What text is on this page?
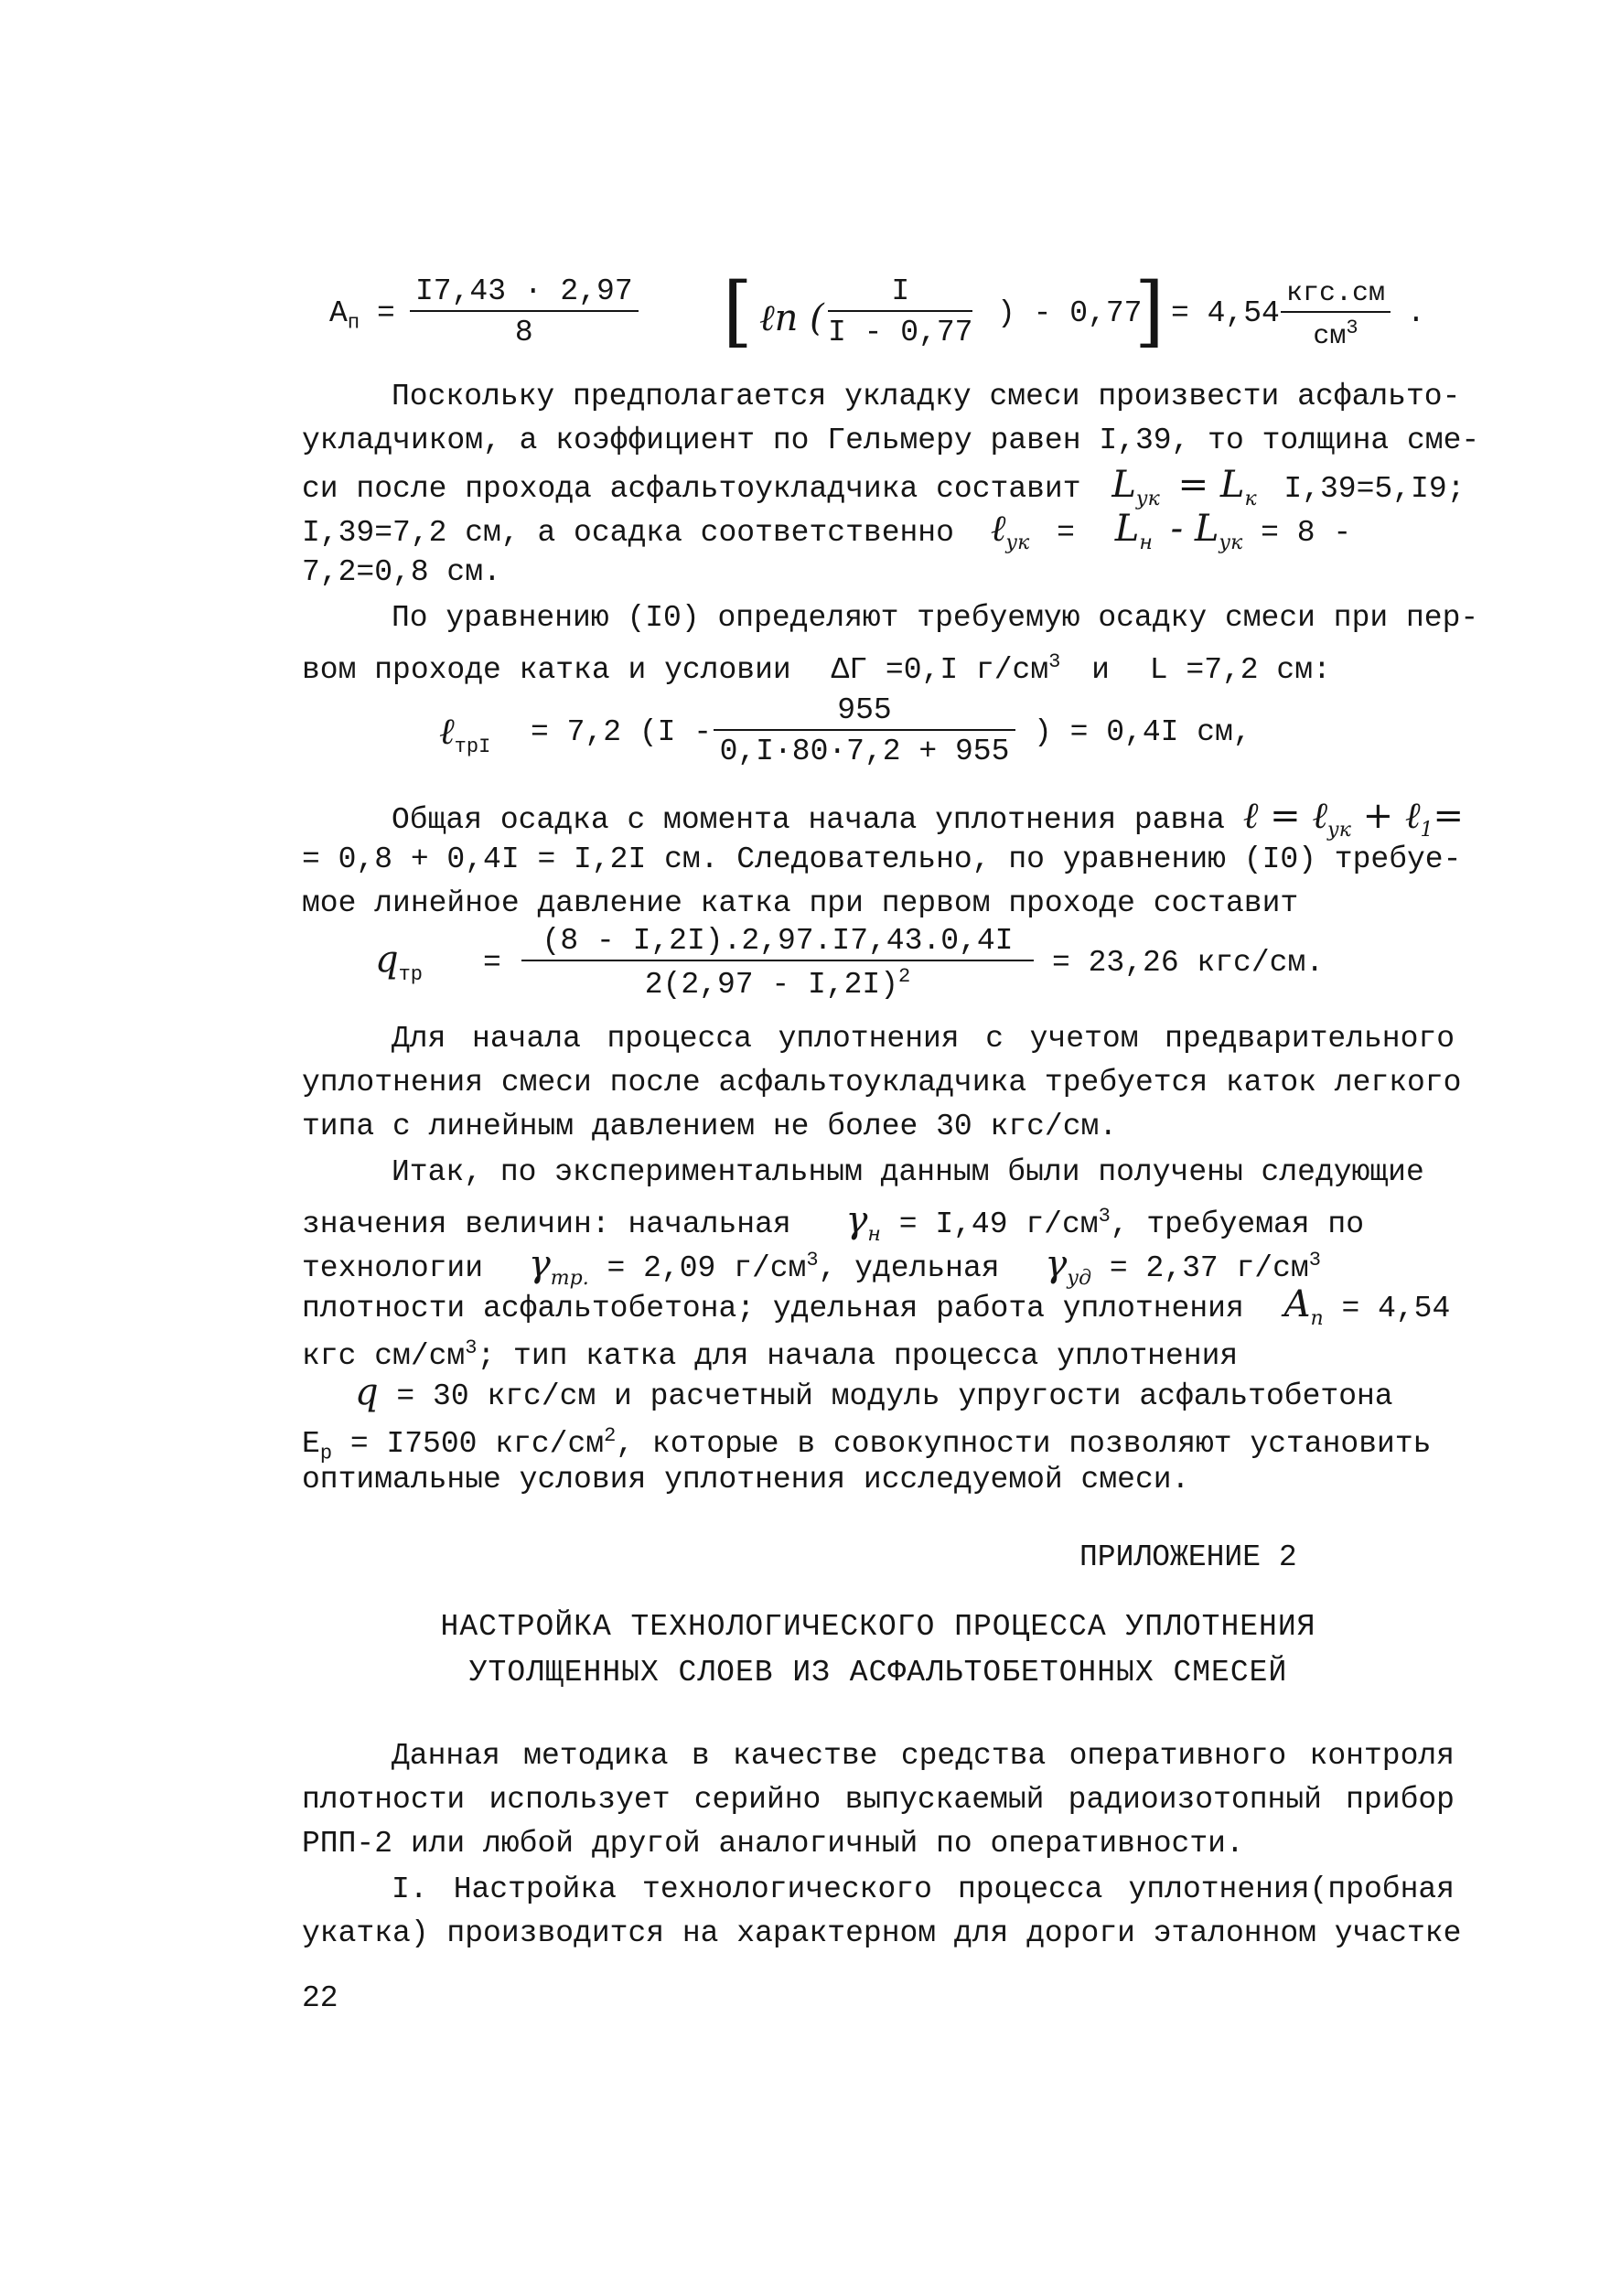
$А_п = \frac{I7,43 \cdot 2,97}{8}$ [ ℓn ( $\frac{I}{I - 0,77}$ ) - 0,77
] = 4,54
кгс.см
$см^3$	.
Поскольку предполагается укладку смеси произвести асфальто-
укладчиком, а коэффициент по Гельмеру равен I,39, то толщина сме-
си после прохода асфальтоукладчика составит $L_{ук} = L_к$ I,39=5,I9;
I,39=7,2 см, а осадка соответственно ℓ$_{ук}$ = $L_н - L_{ук} = 8$ -
7,2=0,8 см.
По уравнению (I0) определяют требуемую осадку смеси при пер-
вом проходе катка и условии ΔΓ =0,I $г/см^3$ и L =7,2 см:
ℓ$_{трI}$ = 7,2 ($I - \frac{955}{0,I\cdot 80\cdot 7,2 + 955}$ ) = 0,4I см,
Общая осадка с момента начала уплотнения равна ℓ = ℓ$_{ук}$ + ℓ$_1$=
= 0,8 + 0,4I = I,2I см. Следовательно, по уравнению (I0) требуе-
мое линейное давление катка при первом проходе составит
$q_{тр} = \frac{(8 - I,2I).2,97.I7,43.0,4I}{2(2,97 - I,2I)^2} = 23,26$ кгс/см.
Для начала процесса уплотнения с учетом предварительного
уплотнения смеси после асфальтоукладчика требуется каток легкого
типа с линейным давлением не более 30 кгс/см.
Итак, по экспериментальным данным были получены следующие
значения величин: начальная $\gamma_н = I,49$ $г/см^3$, требуемая по
технологии $\gamma_{тр.} = 2,09$ $г/см^3$, удельная $\gamma_{уд} = 2,37$ $г/см^3$
плотности асфальтобетона; удельная работа уплотнения $A_п = 4,54$
кгс $см/см^3$; тип катка для начала процесса уплотнения
q = 30 кгс/см и расчетный модуль упругости асфальтобетона
$E_р = I7500$ кгс/$см^2$, которые в совокупности позволяют установить
оптимальные условия уплотнения исследуемой смеси.
ПРИЛОЖЕНИЕ 2
НАСТРОЙКА ТЕХНОЛОГИЧЕСКОГО ПРОЦЕССА УПЛОТНЕНИЯ
УТОЛЩЕННЫХ СЛОЕВ ИЗ АСФАЛЬТОБЕТОННЫХ СМЕСЕЙ
Данная методика в качестве средства оперативного контроля
плотности использует серийно выпускаемый радиоизотопный прибор
РПП-2 или любой другой аналогичный по оперативности.
I. Настройка технологического процесса уплотнения(пробная
укатка) производится на характерном для дороги эталонном участке
22
